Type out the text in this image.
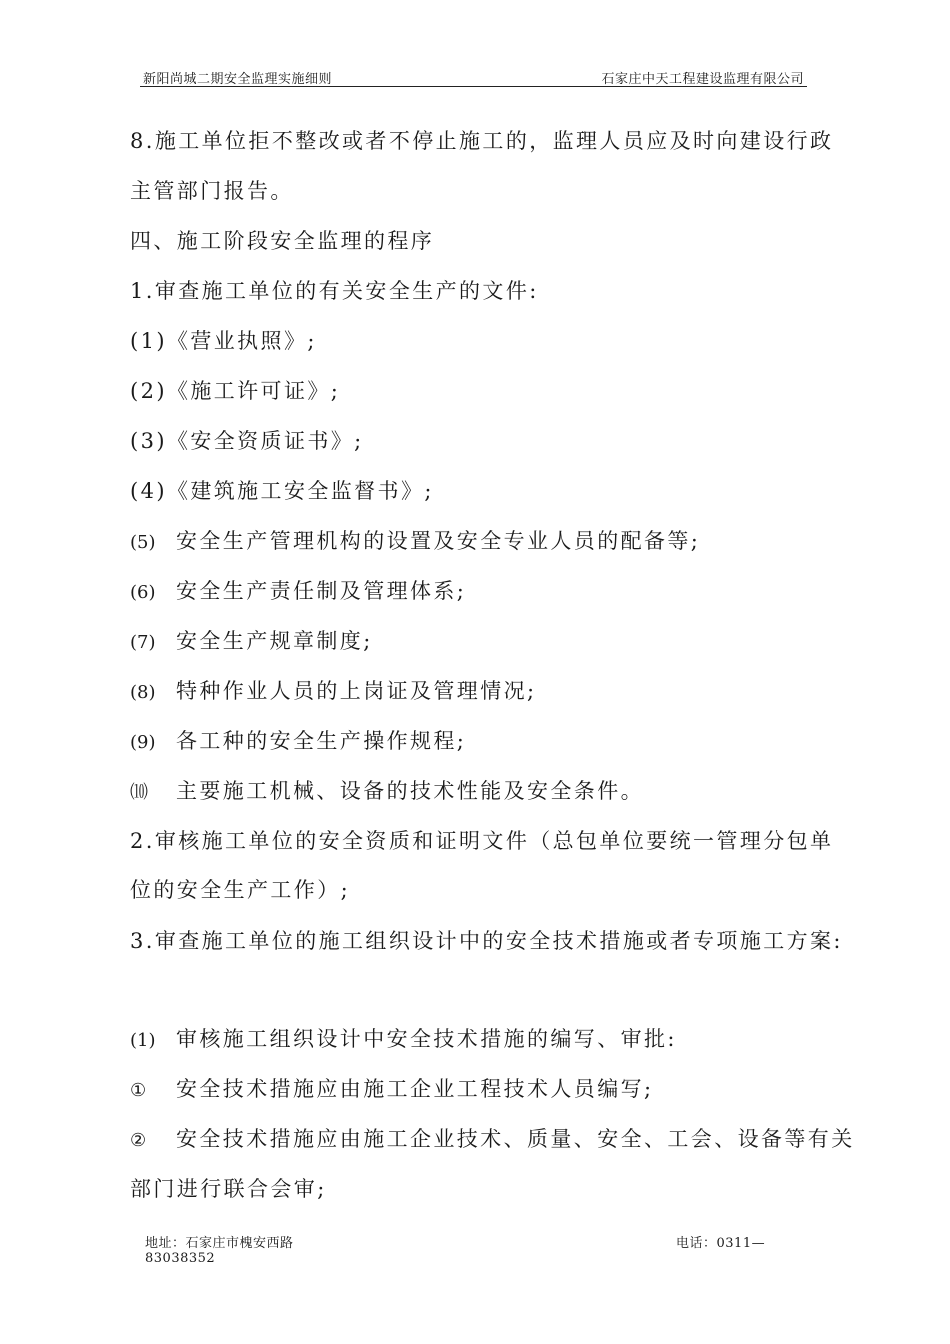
新阳尚城二期安全监理实施细则	石家庄中天工程建设监理有限公司
8.施工单位拒不整改或者不停止施工的，监理人员应及时向建设行政
主管部门报告。
四、施工阶段安全监理的程序
1.审查施工单位的有关安全生产的文件:
(1)《营业执照》;
(2)《施工许可证》;
(3)《安全资质证书》;
(4)《建筑施工安全监督书》;
(5) 安全生产管理机构的设置及安全专业人员的配备等;
(6) 安全生产责任制及管理体系;
(7) 安全生产规章制度;
(8) 特种作业人员的上岗证及管理情况;
(9) 各工种的安全生产操作规程;
⑽ 主要施工机械、设备的技术性能及安全条件。
2.审核施工单位的安全资质和证明文件（总包单位要统一管理分包单
位的安全生产工作）;
3.审查施工单位的施工组织设计中的安全技术措施或者专项施工方案:
(1) 审核施工组织设计中安全技术措施的编写、审批:
① 安全技术措施应由施工企业工程技术人员编写;
② 安全技术措施应由施工企业技术、质量、安全、工会、设备等有关
部门进行联合会审;
地址：石家庄市槐安西路	电话：0311—
83038352
